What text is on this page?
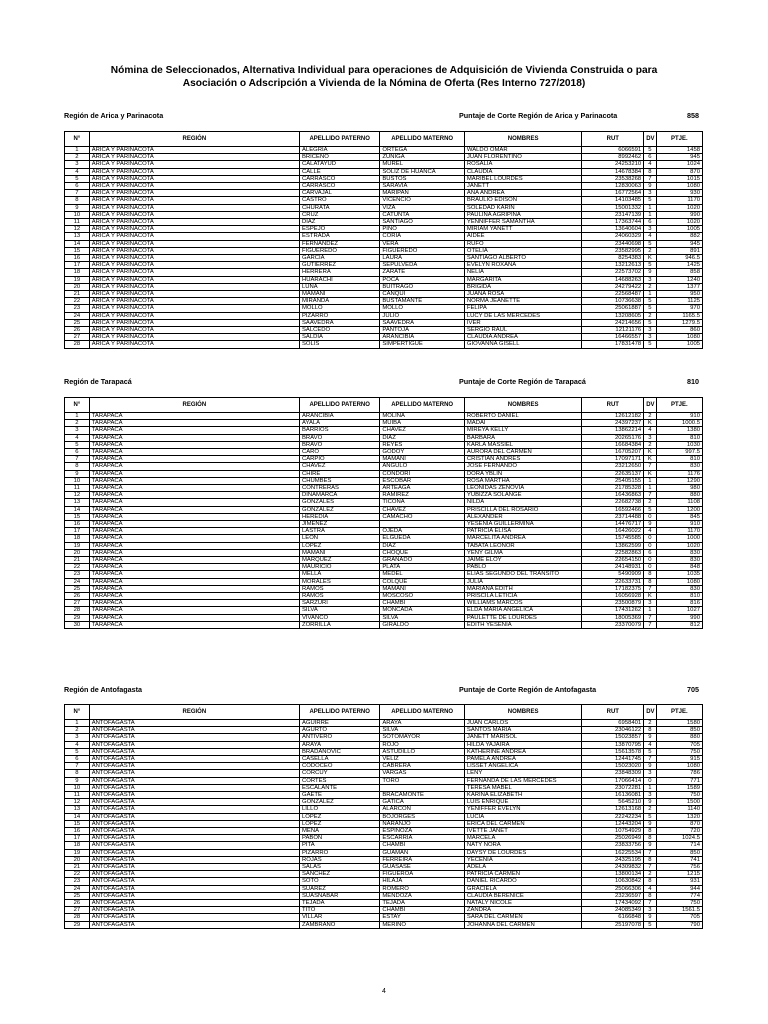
Nómina de Seleccionados, Alternativa Individual para operaciones de Adquisición de Vivienda Construida o para
Asociación o Adscripción a Vivienda de la Nómina de Oferta (Res Interno 727/2018)
Región de Arica y Parinacota	Puntaje de Corte Región de Arica y Parinacota	858
N°	REGIÓN	APELLIDO PATERNO	APELLIDO MATERNO	NOMBRES	RUT	DV	PTJE.
1	ARICA Y PARINACOTA	ALEGRIA	ORTEGA	WALDO OMAR	6066591	5	1458
2	ARICA Y PARINACOTA	BRICENO	ZUNIGA	JUAN FLORENTINO	8992462	6	945
3	ARICA Y PARINACOTA	CALATAYUD	MUREL	ROSALIA	24253210	4	1024
4	ARICA Y PARINACOTA	CALLE	SOLIZ DE HUANCA	CLAUDIA	14678384	8	870
5	ARICA Y PARINACOTA	CARRASCO	BUSTOS	MARIBEL LOURDES	23538268	7	1015
6	ARICA Y PARINACOTA	CARRASCO	SARAVIA	JANETT	12830063	9	1080
7	ARICA Y PARINACOTA	CARVAJAL	MARIPAN	ANA ANDREA	16772564	3	930
8	ARICA Y PARINACOTA	CASTRO	VICENCIO	BRAULIO EDISON	14103485	5	1170
9	ARICA Y PARINACOTA	CHURATA	VIZA	SOLEDAD KARIN	15001332	1	1020
10	ARICA Y PARINACOTA	CRUZ	CATUNTA	PAULINA AGRIPINA	23147139	1	990
11	ARICA Y PARINACOTA	DIAZ	SANTIAGO	YENNIFFER SAMANTHA	17363744	6	1020
12	ARICA Y PARINACOTA	ESPEJO	PINO	MIRIAM YANETT	13640604	3	1005
13	ARICA Y PARINACOTA	ESTRADA	CORIA	AIDEE	24060329	4	882
14	ARICA Y PARINACOTA	FERNANDEZ	VERA	RUFO	23440698	5	945
15	ARICA Y PARINACOTA	FIGUEREDO	FIGUEREDO	OTELIA	23582995	2	891
16	ARICA Y PARINACOTA	GARCIA	LAURA	SANTIAGO ALBERTO	8254383	K	946.5
17	ARICA Y PARINACOTA	GUTIERREZ	SEPULVEDA	EVELYN ROXANA	13212613	5	1425
18	ARICA Y PARINACOTA	HERRERA	ZARATE	NELIA	22573702	9	858
19	ARICA Y PARINACOTA	HUARACHI	POCA	MARGARITA	14688263	3	1240
20	ARICA Y PARINACOTA	LUNA	BUITRAGO	BRIGIDA	24279422	2	1377
21	ARICA Y PARINACOTA	MAMANI	CANQUI	JUANA ROSA	22568487	1	950
22	ARICA Y PARINACOTA	MIRANDA	BUSTAMANTE	NORMA JEANETTE	10736638	5	1125
23	ARICA Y PARINACOTA	MOLLO	MOLLO	FELIPA	25061887	5	970
24	ARICA Y PARINACOTA	PIZARRO	JULIO	LUCY DE LAS MERCEDES	13208605	2	1165.5
25	ARICA Y PARINACOTA	SAAVEDRA	SAAVEDRA	IVER	24214656	5	1279.5
26	ARICA Y PARINACOTA	SALCEDO	PANTOJA	SERGIO RAUL	12121176	3	860
27	ARICA Y PARINACOTA	SALDIA	ARANCIBIA	CLAUDIA ANDREA	16466557	3	1080
28	ARICA Y PARINACOTA	SOLIS	SIMPERTIGUE	GIOVANNA GISELL	17831478	5	1005
Región de Tarapacá	Puntaje de Corte Región de Tarapacá	810
N°	REGIÓN	APELLIDO PATERNO	APELLIDO MATERNO	NOMBRES	RUT	DV	PTJE.
1	TARAPACA	ARANCIBIA	MOLINA	ROBERTO DANIEL	12612182	2	910
2	TARAPACA	AYALA	MUIBA	MADAI	24397237	K	1000.5
3	TARAPACA	BARRIOS	CHAVEZ	MIREYA KELLY	13862214	4	1380
4	TARAPACA	BRAVO	DIAZ	BARBARA	20265176	3	810
5	TARAPACA	BRAVO	REYES	KARLA MASSIEL	16684384	2	1030
6	TARAPACA	CARO	GODOY	AURORA DEL CARMEN	16705207	K	997.5
7	TARAPACA	CARPIO	MAMANI	CRISTIAN ANDRES	17097171	K	810
8	TARAPACA	CHAVEZ	ANGULO	JOSE FERNANDO	23212650	7	830
9	TARAPACA	CHIRE	CONDORI	DORA YBLIN	22635137	K	1176
10	TARAPACA	CHUMBES	ESCOBAR	ROSA MARTHA	25405155	1	1290
11	TARAPACA	CONTRERAS	ARTEAGA	LEONIDAS ZENOVIA	21785328	1	980
12	TARAPACA	DINAMARCA	RAMIREZ	YUBIZZA SOLANGE	16436863	7	880
13	TARAPACA	GONZALES	TICONA	NILDA	22682738	2	1108
14	TARAPACA	GONZALEZ	CHAVEZ	PRISCILLA DEL ROSARIO	16592466	5	1200
15	TARAPACA	HEREDIA	CAMACHO	ALEXANDER	23714488	0	845
16	TARAPACA	JIMENEZ		YESENIA GUILLERMINA	14476717	9	910
17	TARAPACA	LASTRA	OJEDA	PATRICIA ELISA	16426022	4	1170
18	TARAPACA	LEON	ELGUEDA	MARCELITA ANDREA	15745585	0	1000
19	TARAPACA	LOPEZ	DIAZ	TABATA LEONOR	13862599	0	1020
20	TARAPACA	MAMANI	CHOQUE	YENY GILMA	22582863	6	830
21	TARAPACA	MARQUEZ	GRANADO	JAIME ELOY	22654150	0	830
22	TARAPACA	MAURICIO	PLATA	PABLO	24148931	0	848
23	TARAPACA	MELLA	MEDEL	ELIAS SEGUNDO DEL TRANSITO	5490909	8	1035
24	TARAPACA	MORALES	COLQUE	JULIA	22633731	8	1080
25	TARAPACA	RAMOS	MAMANI	MARIANA EDITH	17182375	7	830
26	TARAPACA	RAMOS	MOSCOSO	PRISCILA LETICIA	16056928	K	810
27	TARAPACA	SARZURI	CHAMBI	WILLIAMS MARCOS	23500879	3	816
28	TARAPACA	SILVA	MONCADA	ELDA MARIA ANGELICA	17431262	1	1027
29	TARAPACA	VIVANCO	SILVA	PAULETTE DE LOURDES	18005369	7	990
30	TARAPACA	ZORRILLA	GIRALDO	EDITH YESENIA	23370079	7	812
Región de Antofagasta	Puntaje de Corte Región de Antofagasta	705
N°	REGIÓN	APELLIDO PATERNO	APELLIDO MATERNO	NOMBRES	RUT	DV	PTJE.
1	ANTOFAGASTA	AGUIRRE	ARAYA	JUAN CARLOS	6958401	2	1580
2	ANTOFAGASTA	AGURTO	SILVA	SANTOS MARIA	23046122	8	850
3	ANTOFAGASTA	ANTIVERO	SOTOMAYOR	JANETT MARISOL	15023857	9	880
4	ANTOFAGASTA	ARAYA	ROJO	HILDA YAJAIRA	13870795	4	705
5	ANTOFAGASTA	BRADANOVIC	ASTUDILLO	KATHERINE ANDREA	15613578	5	750
6	ANTOFAGASTA	CASELLA	VELIZ	PAMELA ANDREA	12441745	7	915
7	ANTOFAGASTA	CODOCEO	CABRERA	LISSET ANGELICA	15023020	9	1080
8	ANTOFAGASTA	CORCUY	VARGAS	LENY	23848309	3	786
9	ANTOFAGASTA	CORTES	TORO	FERNANDA DE LAS MERCEDES	17066414	0	771
10	ANTOFAGASTA	ESCALANTE		TERESA MABEL	23072281	1	1589
11	ANTOFAGASTA	GAETE	BRACAMONTE	KARINA ELIZABETH	16136081	3	750
12	ANTOFAGASTA	GONZALEZ	GATICA	LUIS ENRIQUE	5645210	9	1500
13	ANTOFAGASTA	LILLO	ALARCON	YENIFFER EVELYN	12613168	2	1140
14	ANTOFAGASTA	LOPEZ	BOJORGES	LUCIA	22242234	5	1320
15	ANTOFAGASTA	LOPEZ	NARANJO	ERICA DEL CARMEN	12443204	9	870
16	ANTOFAGASTA	MENA	ESPINOZA	IVETTE JANET	10754929	8	720
17	ANTOFAGASTA	PABON	ESCARRIA	MARCELA	25026949	8	1024.5
18	ANTOFAGASTA	PITA	CHAMBI	NATY NORA	23833756	9	714
19	ANTOFAGASTA	PIZARRO	GUAMAN	DAYSY DE LOURDES	16225534	7	850
20	ANTOFAGASTA	ROJAS	FERREIRA	YECENIA	24325195	8	741
21	ANTOFAGASTA	SALAS	GUASASE	ADELA	24309832	7	756
22	ANTOFAGASTA	SANCHEZ	FIGUEROA	PATRICIA CARMEN	13800134	2	1215
23	ANTOFAGASTA	SOTO	HILAJA	DANIEL RICARDO	10630842	8	931
24	ANTOFAGASTA	SUAREZ	ROMERO	GRACIELA	25066306	4	944
25	ANTOFAGASTA	SUASNABAR	MENDOZA	CLAUDIA BERENICE	23236597	8	774
26	ANTOFAGASTA	TEJADA	TEJADA	NATALY NICOLE	17434092	7	750
27	ANTOFAGASTA	TITO	CHAMBI	ZANDRA	24085349	3	1561.5
28	ANTOFAGASTA	VILLAR	ESTAY	SARA DEL CARMEN	6166848	9	705
29	ANTOFAGASTA	ZAMBRANO	MERINO	JOHANNA DEL CARMEN	25197078	5	790
4
